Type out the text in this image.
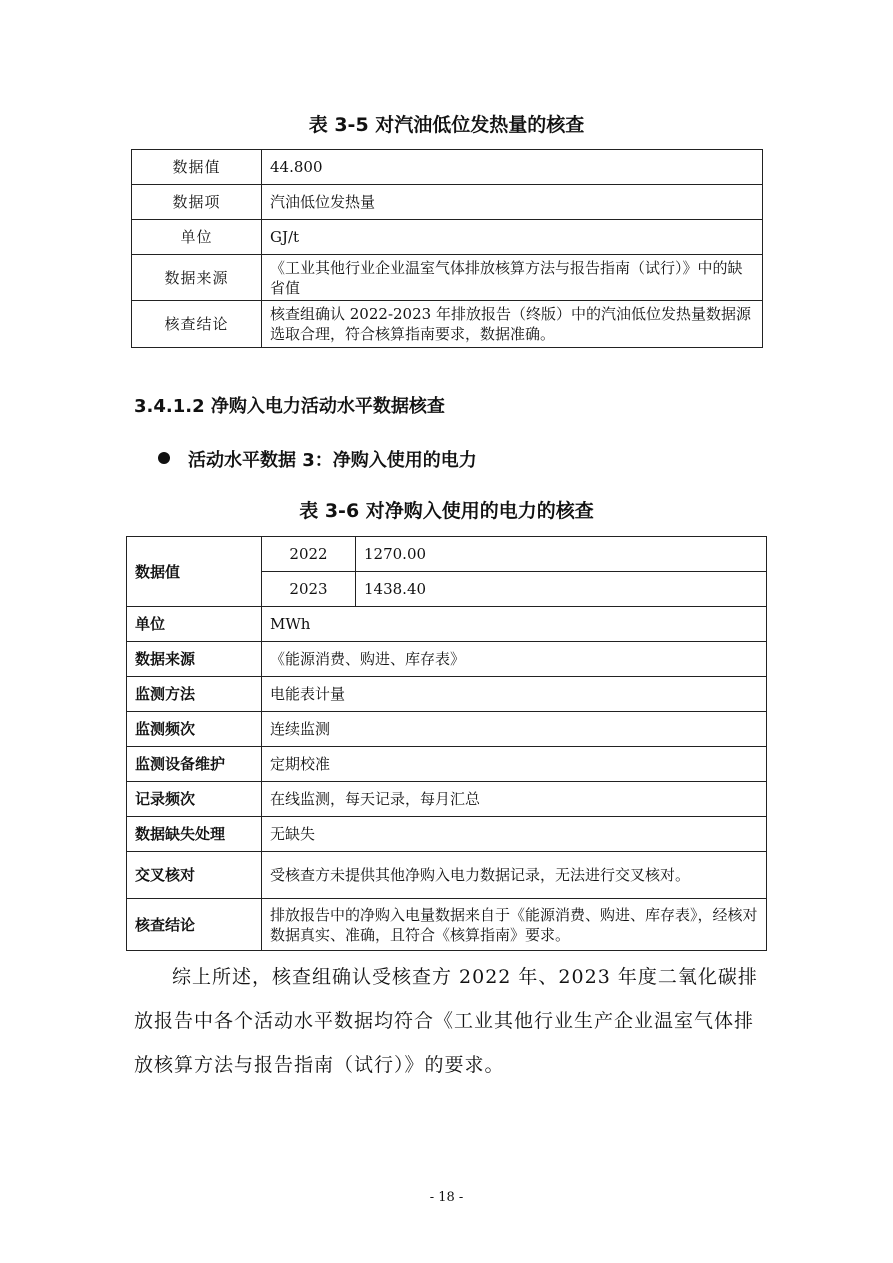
表 3-5 对汽油低位发热量的核查
数据值	44.800
数据项	汽油低位发热量
单位	GJ/t
数据来源	《工业其他行业企业温室气体排放核算方法与报告指南（试行）》中的缺省值
核查结论	核查组确认 2022-2023 年排放报告（终版）中的汽油低位发热量数据源选取合理，符合核算指南要求，数据准确。
3.4.1.2 净购入电力活动水平数据核查
活动水平数据 3：净购入使用的电力
表 3-6 对净购入使用的电力的核查
数据值	2022	1270.00
	2023	1438.40
单位	MWh	
数据来源	《能源消费、购进、库存表》	
监测方法	电能表计量	
监测频次	连续监测	
监测设备维护	定期校准	
记录频次	在线监测，每天记录，每月汇总	
数据缺失处理	无缺失	
交叉核对	受核查方未提供其他净购入电力数据记录，无法进行交叉核对。	
核查结论	排放报告中的净购入电量数据来自于《能源消费、购进、库存表》，经核对数据真实、准确，且符合《核算指南》要求。	

综上所述，核查组确认受核查方 2022 年、2023 年度二氧化碳排放报告中各个活动水平数据均符合《工业其他行业生产企业温室气体排放核算方法与报告指南（试行）》的要求。

- 18 -
